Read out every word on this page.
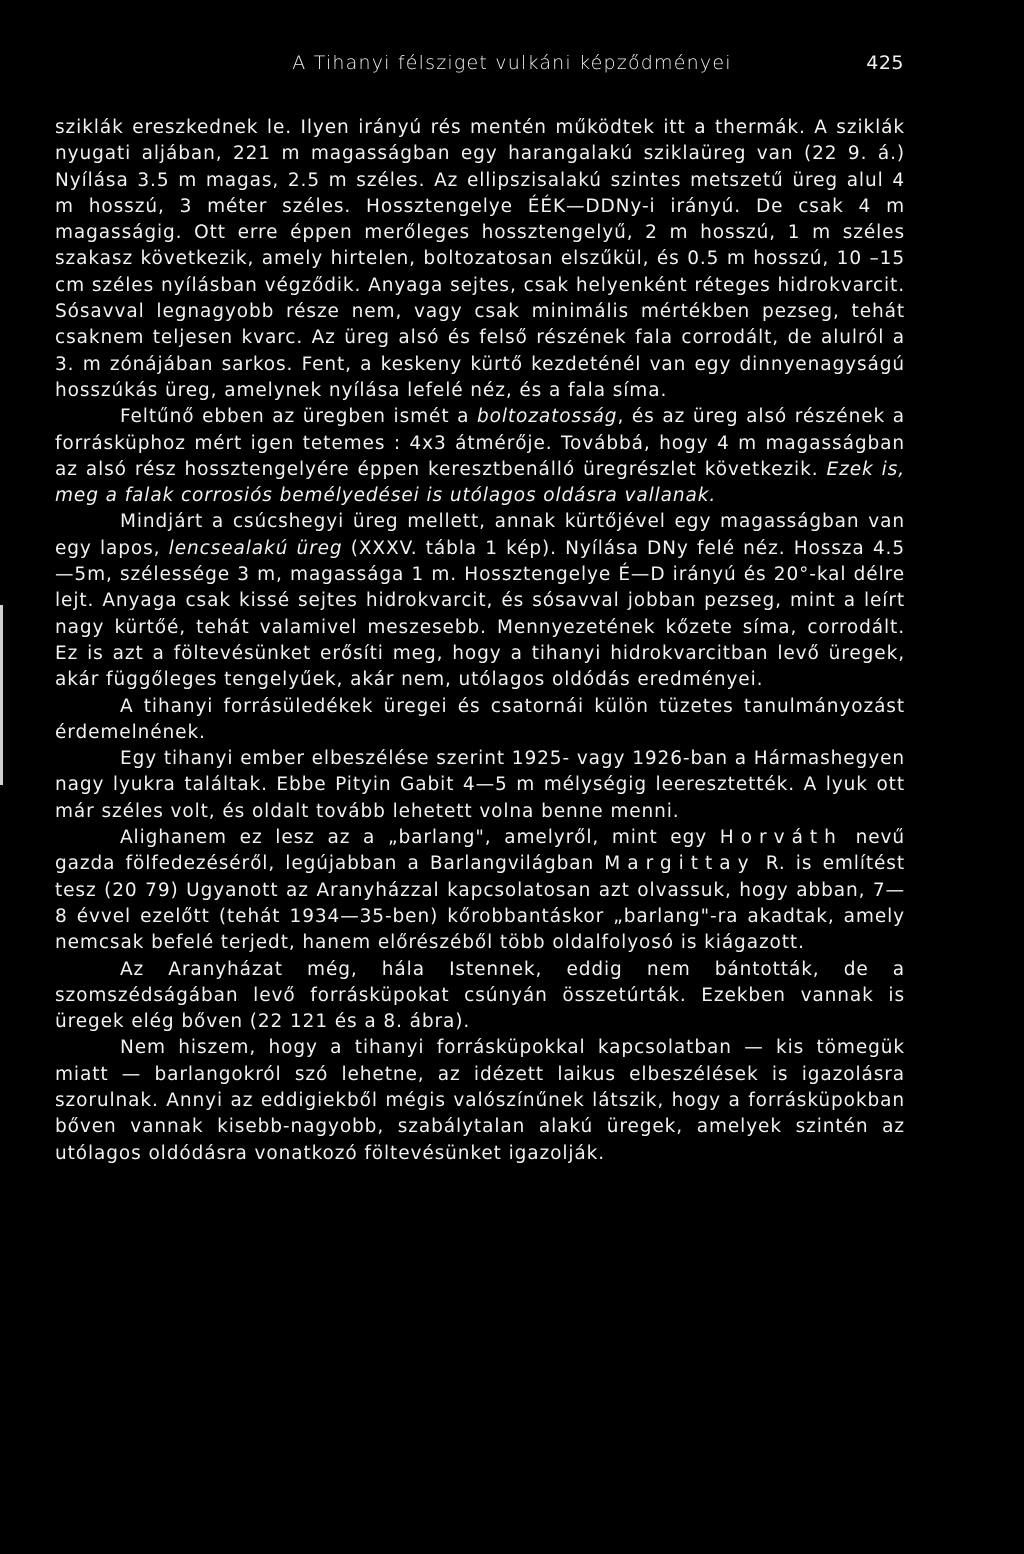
A Tihanyi félsziget vulkáni képződményei	425

sziklák ereszkednek le. Ilyen irányú rés mentén működtek itt a thermák. A sziklák nyugati aljában, 221 m magasságban egy harangalakú sziklaüreg van (22 9. á.) Nyílása 3.5 m magas, 2.5 m széles. Az ellipszisalakú szintes metszetű üreg alul 4 m hosszú, 3 méter széles. Hossztengelye ÉÉK—DDNy-i irányú. De csak 4 m magasságig. Ott erre éppen merőleges hossztengelyű, 2 m hosszú, 1 m széles szakasz következik, amely hirtelen, boltozatosan elszűkül, és 0.5 m hosszú, 10 –15 cm széles nyílásban végződik. Anyaga sejtes, csak helyenként réteges hidrokvarcit. Sósavval legnagyobb része nem, vagy csak minimális mértékben pezseg, tehát csaknem teljesen kvarc. Az üreg alsó és felső részének fala corrodált, de alulról a 3. m zónájában sarkos. Fent, a keskeny kürtő kezdeténél van egy dinnyenagyságú hosszúkás üreg, amelynek nyílása lefelé néz, és a fala síma.

Feltűnő ebben az üregben ismét a boltozatosság, és az üreg alsó részének a forrásküphoz mért igen tetemes : 4x3 átmérője. Továbbá, hogy 4 m magasságban az alsó rész hossztengelyére éppen keresztbenálló üregrészlet következik. Ezek is, meg a falak corrosiós bemélyedései is utólagos oldásra vallanak.

Mindjárt a csúcshegyi üreg mellett, annak kürtőjével egy magasságban van egy lapos, lencsealakú üreg (XXXV. tábla 1 kép). Nyílása DNy felé néz. Hossza 4.5—5m, szélessége 3 m, magassága 1 m. Hossztengelye É—D irányú és 20°-kal délre lejt. Anyaga csak kissé sejtes hidrokvarcit, és sósavval jobban pezseg, mint a leírt nagy kürtőé, tehát valamivel meszesebb. Mennyezetének kőzete síma, corrodált. Ez is azt a föltevésünket erősíti meg, hogy a tihanyi hidrokvarcitban levő üregek, akár függőleges tengelyűek, akár nem, utólagos oldódás eredményei.

A tihanyi forrásüledékek üregei és csatornái külön tüzetes tanulmányozást érdemelnének.

Egy tihanyi ember elbeszélése szerint 1925- vagy 1926-ban a Hármashegyen nagy lyukra találtak. Ebbe Pityin Gabit 4—5 m mélységig leeresztették. A lyuk ott már széles volt, és oldalt tovább lehetett volna benne menni.

Alighanem ez lesz az a „barlang", amelyről, mint egy Horváth nevű gazda fölfedezéséről, legújabban a Barlangvilágban Margittay R. is említést tesz (20 79) Ugyanott az Aranyházzal kapcsolatosan azt olvassuk, hogy abban, 7—8 évvel ezelőtt (tehát 1934—35-ben) kőrobbantáskor „barlang"-ra akadtak, amely nemcsak befelé terjedt, hanem előrészéből több oldalfolyosó is kiágazott.

Az Aranyházat még, hála Istennek, eddig nem bántották, de a szomszédságában levő forrásküpokat csúnyán összetúrták. Ezekben vannak is üregek elég bőven (22 121 és a 8. ábra).

Nem hiszem, hogy a tihanyi forrásküpokkal kapcsolatban — kis tömegük miatt — barlangokról szó lehetne, az idézett laikus elbeszélések is igazolásra szorulnak. Annyi az eddigiekből mégis valószínűnek látszik, hogy a forrásküpokban bőven vannak kisebb-nagyobb, szabálytalan alakú üregek, amelyek szintén az utólagos oldódásra vonatkozó föltevésünket igazolják.
